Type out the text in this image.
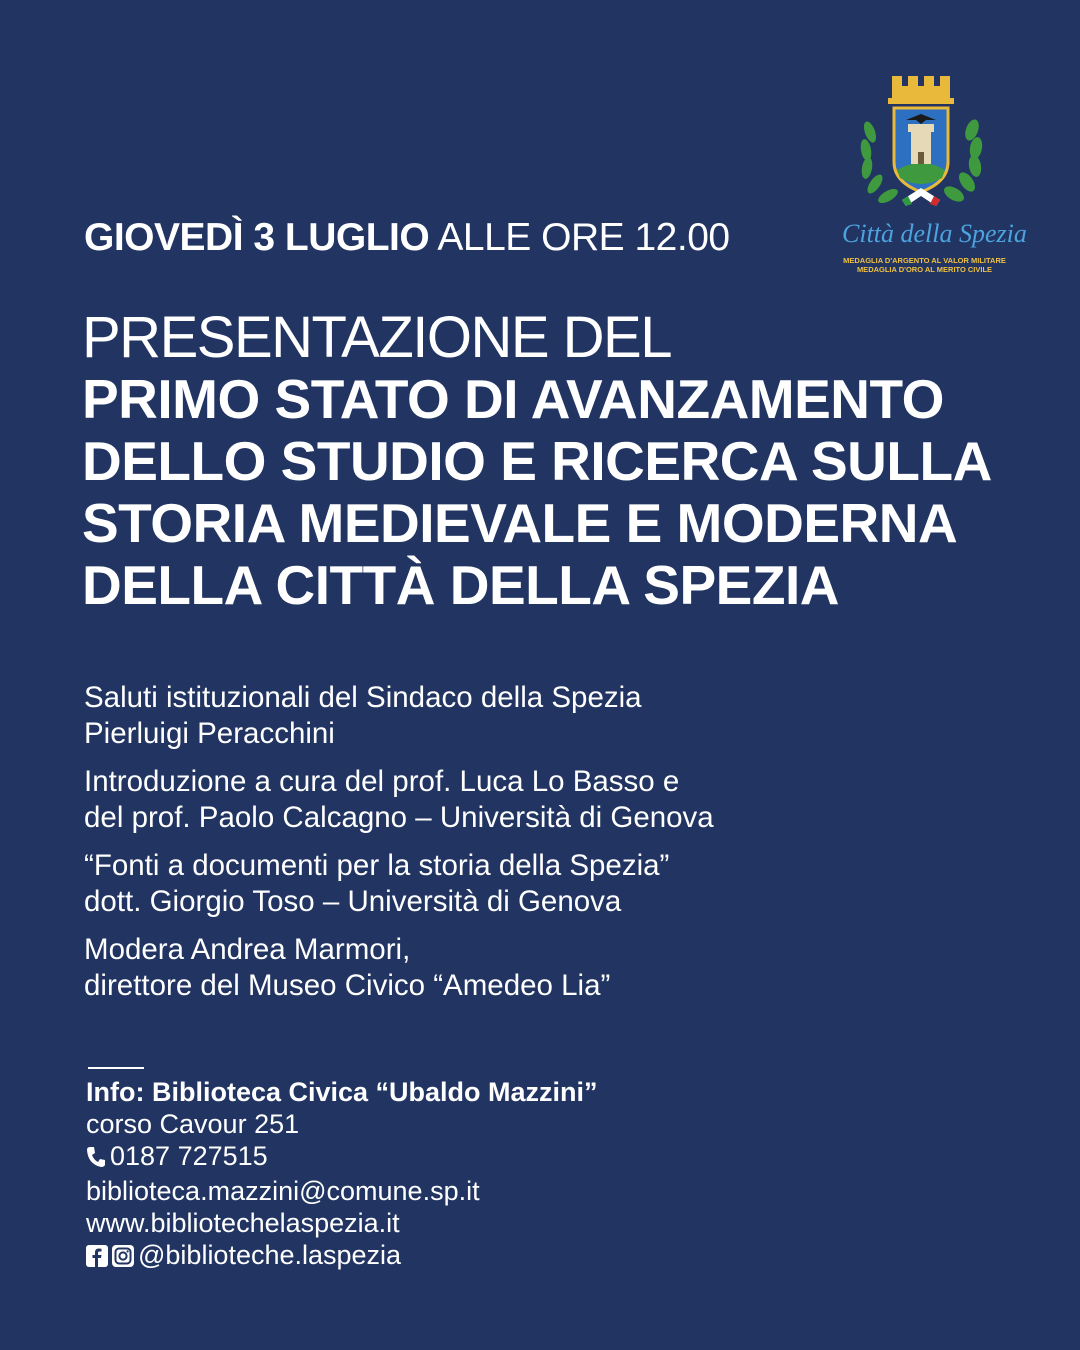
GIOVEDÌ 3 LUGLIO ALLE ORE 12.00	Città della Spezia
MEDAGLIA D'ARGENTO AL VALOR MILITARE
MEDAGLIA D'ORO AL MERITO CIVILE
PRESENTAZIONE DEL
PRIMO STATO DI AVANZAMENTO
DELLO STUDIO E RICERCA SULLA
STORIA MEDIEVALE E MODERNA
DELLA CITTÀ DELLA SPEZIA
Saluti istituzionali del Sindaco della Spezia
Pierluigi Peracchini
Introduzione a cura del prof. Luca Lo Basso e
del prof. Paolo Calcagno – Università di Genova
“Fonti a documenti per la storia della Spezia”
dott. Giorgio Toso – Università di Genova
Modera Andrea Marmori,
direttore del Museo Civico “Amedeo Lia”
Info: Biblioteca Civica “Ubaldo Mazzini”
corso Cavour 251
0187 727515
biblioteca.mazzini@comune.sp.it
www.bibliotechelaspezia.it
@biblioteche.laspezia
